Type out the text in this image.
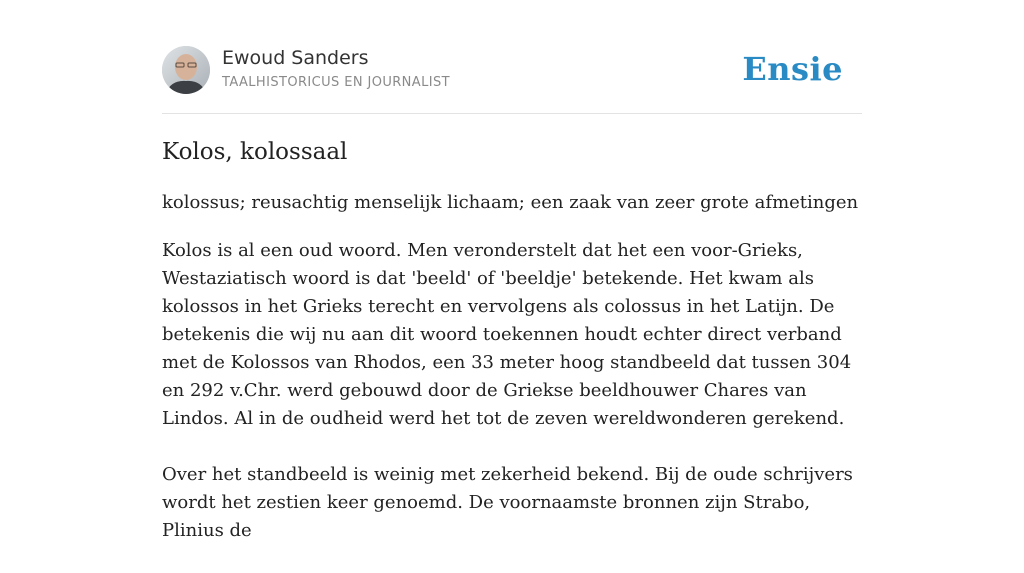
Ewoud Sanders
TAALHISTORICUS EN JOURNALIST	Ensie
Kolos, kolossaal
kolossus; reusachtig menselijk lichaam; een zaak van zeer grote afmetingen

Kolos is al een oud woord. Men veronderstelt dat het een voor-Grieks, Westaziatisch woord is dat 'beeld' of 'beeldje' betekende. Het kwam als kolossos in het Grieks terecht en vervolgens als colossus in het Latijn. De betekenis die wij nu aan dit woord toekennen houdt echter direct verband met de Kolossos van Rhodos, een 33 meter hoog standbeeld dat tussen 304 en 292 v.Chr. werd gebouwd door de Griekse beeldhouwer Chares van Lindos. Al in de oudheid werd het tot de zeven wereldwonderen gerekend.

Over het standbeeld is weinig met zekerheid bekend. Bij de oude schrijvers wordt het zestien keer genoemd. De voornaamste bronnen zijn Strabo, Plinius de
